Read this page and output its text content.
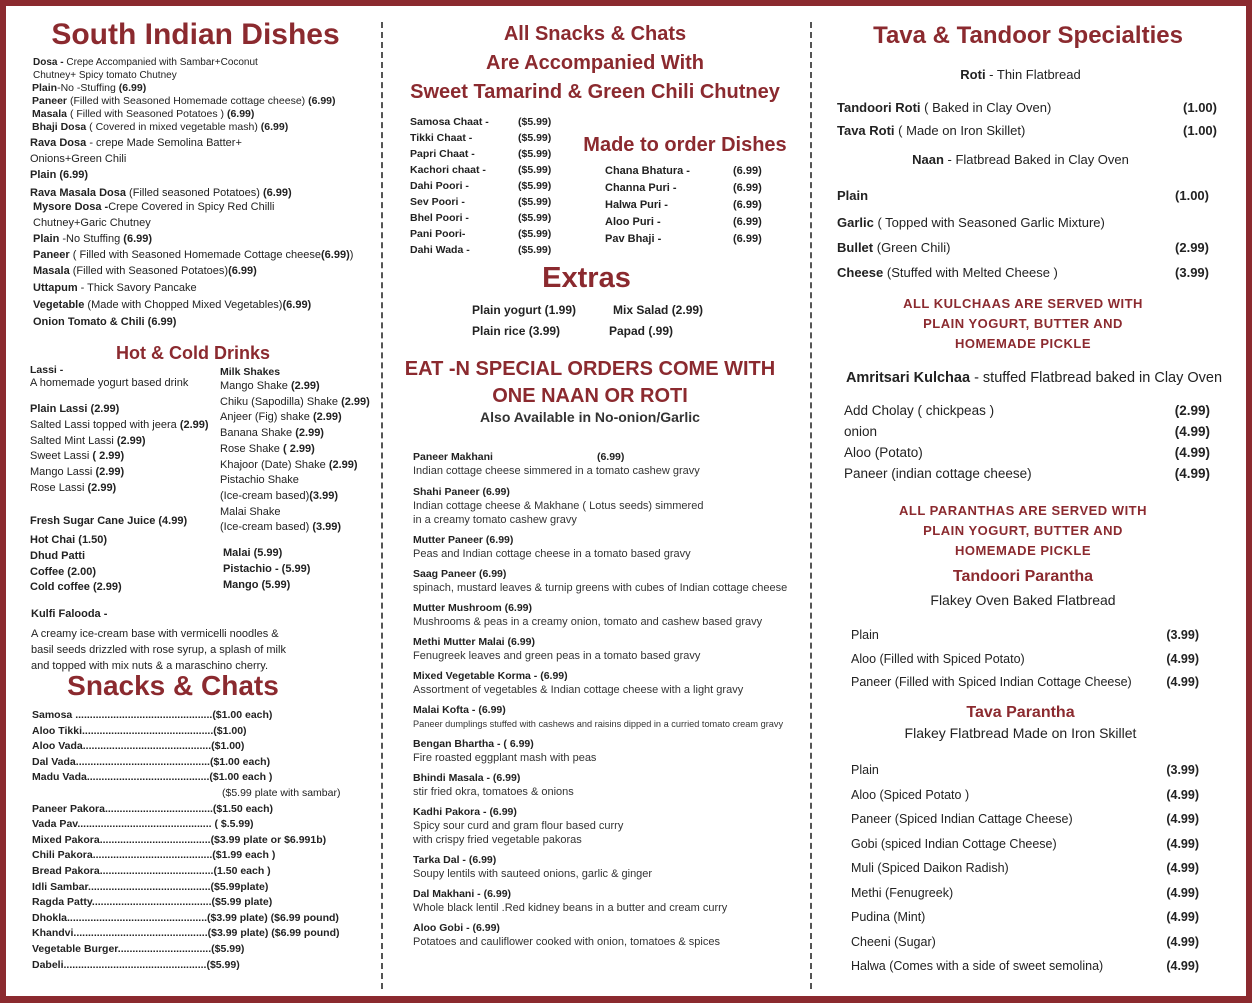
South Indian Dishes
Dosa - Crepe Accompanied with Sambar+Coconut
Chutney+ Spicy tomato Chutney
Plain-No -Stuffing (6.99)
Paneer (Filled with Seasoned Homemade cottage cheese) (6.99)
Masala ( Filled with Seasoned Potatoes ) (6.99)
Bhaji Dosa ( Covered in mixed vegetable mash) (6.99)
Rava Dosa - crepe Made Semolina Batter+
Onions+Green Chili
Plain (6.99)
Rava Masala Dosa (Filled seasoned Potatoes) (6.99)
Mysore Dosa -Crepe Covered in Spicy Red Chilli
Chutney+Garic Chutney
Plain -No Stuffing (6.99)
Paneer ( Filled with Seasoned Homemade Cottage cheese(6.99))
Masala (Filled with Seasoned Potatoes)(6.99)
Uttapum - Thick Savory Pancake
Vegetable (Made with Chopped Mixed Vegetables)(6.99)
Onion Tomato & Chili (6.99)
Hot & Cold Drinks
Lassi -
A homemade yogurt based drink
Plain Lassi (2.99)
Salted Lassi topped with jeera (2.99)
Salted Mint Lassi (2.99)
Sweet Lassi ( 2.99)
Mango Lassi (2.99)
Rose Lassi (2.99)
Milk Shakes
Mango Shake (2.99)
Chiku (Sapodilla) Shake (2.99)
Anjeer (Fig) shake (2.99)
Banana Shake (2.99)
Rose Shake ( 2.99)
Khajoor (Date) Shake (2.99)
Pistachio Shake
(Ice-cream based)(3.99)
Malai Shake
(Ice-cream based) (3.99)
Fresh Sugar Cane Juice (4.99)
Hot Chai (1.50)
Dhud Patti
Coffee (2.00)
Cold coffee (2.99)
Malai (5.99)
Pistachio - (5.99)
Mango (5.99)
Kulfi Falooda -
A creamy ice-cream base with vermicelli noodles &
basil seeds drizzled with rose syrup, a splash of milk
and topped with mix nuts & a maraschino cherry.
Snacks & Chats
Samosa ...............................................($1.00 each)
Aloo Tikki.............................................($1.00)
Aloo Vada............................................($1.00)
Dal Vada..............................................($1.00 each)
Madu Vada..........................................($1.00 each )
($5.99 plate with sambar)
Paneer Pakora.....................................($1.50 each)
Vada Pav.............................................. ( $.5.99)
Mixed Pakora......................................($3.99 plate or $6.991b)
Chili Pakora.........................................($1.99 each )
Bread Pakora.......................................(1.50 each )
Idli Sambar..........................................($5.99plate)
Ragda Patty.........................................($5.99 plate)
Dhokla................................................($3.99 plate) ($6.99 pound)
Khandvi..............................................($3.99 plate) ($6.99 pound)
Vegetable Burger................................($5.99)
Dabeli.................................................($5.99)
All Snacks & Chats
Are Accompanied With
Sweet Tamarind & Green Chili Chutney
Samosa Chaat -	($5.99)
Tikki Chaat -	($5.99)
Papri Chaat -	($5.99)
Kachori chaat -	($5.99)
Dahi Poori -	($5.99)
Sev Poori -	($5.99)
Bhel Poori -	($5.99)
Pani Poori-	($5.99)
Dahi Wada -	($5.99)
Made to order Dishes
Chana Bhatura -	(6.99)
Channa Puri -	(6.99)
Halwa Puri -	(6.99)
Aloo Puri -	(6.99)
Pav Bhaji -	(6.99)
Extras
Plain yogurt (1.99)	Mix Salad (2.99)
Plain rice (3.99)	Papad (.99)
EAT -N SPECIAL ORDERS COME WITH
ONE NAAN OR ROTI
Also Available in No-onion/Garlic
Paneer Makhani	(6.99)
Indian cottage cheese simmered in a tomato cashew gravy
Shahi Paneer (6.99)
Indian cottage cheese & Makhane ( Lotus seeds) simmered
in a creamy tomato cashew gravy
Mutter Paneer (6.99)
Peas and Indian cottage cheese in a tomato based gravy
Saag Paneer (6.99)
spinach, mustard leaves & turnip greens with cubes of Indian cottage cheese
Mutter Mushroom (6.99)
Mushrooms & peas in a creamy onion, tomato and cashew based gravy
Methi Mutter Malai (6.99)
Fenugreek leaves and green peas in a tomato based gravy
Mixed Vegetable Korma - (6.99)
Assortment of vegetables & Indian cottage cheese with a light gravy
Malai Kofta - (6.99)
Paneer dumplings stuffed with cashews and raisins dipped in a curried tomato cream gravy
Bengan Bhartha - ( 6.99)
Fire roasted eggplant mash with peas
Bhindi Masala - (6.99)
stir fried okra, tomatoes & onions
Kadhi Pakora - (6.99)
Spicy sour curd and gram flour based curry
with crispy fried vegetable pakoras
Tarka Dal - (6.99)
Soupy lentils with sauteed onions, garlic & ginger
Dal Makhani - (6.99)
Whole black lentil .Red kidney beans in a butter and cream curry
Aloo Gobi - (6.99)
Potatoes and cauliflower cooked with onion, tomatoes & spices
Tava & Tandoor Specialties
Roti - Thin Flatbread
Tandoori Roti ( Baked in Clay Oven)	(1.00)
Tava Roti ( Made on Iron Skillet)	(1.00)
Naan - Flatbread Baked in Clay Oven
Plain	(1.00)
Garlic ( Topped with Seasoned Garlic Mixture)
Bullet (Green Chili)	(2.99)
Cheese (Stuffed with Melted Cheese )	(3.99)
ALL KULCHAAS ARE SERVED WITH
PLAIN YOGURT, BUTTER AND
HOMEMADE PICKLE
Amritsari Kulchaa - stuffed Flatbread baked in Clay Oven
Add Cholay ( chickpeas )	(2.99)
onion	(4.99)
Aloo (Potato)	(4.99)
Paneer (indian cottage cheese)	(4.99)
ALL PARANTHAS ARE SERVED WITH
PLAIN YOGURT, BUTTER AND
HOMEMADE PICKLE
Tandoori Parantha
Flakey Oven Baked Flatbread
Plain	(3.99)
Aloo (Filled with Spiced Potato)	(4.99)
Paneer (Filled with Spiced Indian Cottage Cheese)	(4.99)
Tava Parantha
Flakey Flatbread Made on Iron Skillet
Plain	(3.99)
Aloo (Spiced Potato )	(4.99)
Paneer (Spiced Indian Cattage Cheese)	(4.99)
Gobi (spiced Indian Cottage Cheese)	(4.99)
Muli (Spiced Daikon Radish)	(4.99)
Methi (Fenugreek)	(4.99)
Pudina (Mint)	(4.99)
Cheeni (Sugar)	(4.99)
Halwa (Comes with a side of sweet semolina)	(4.99)
